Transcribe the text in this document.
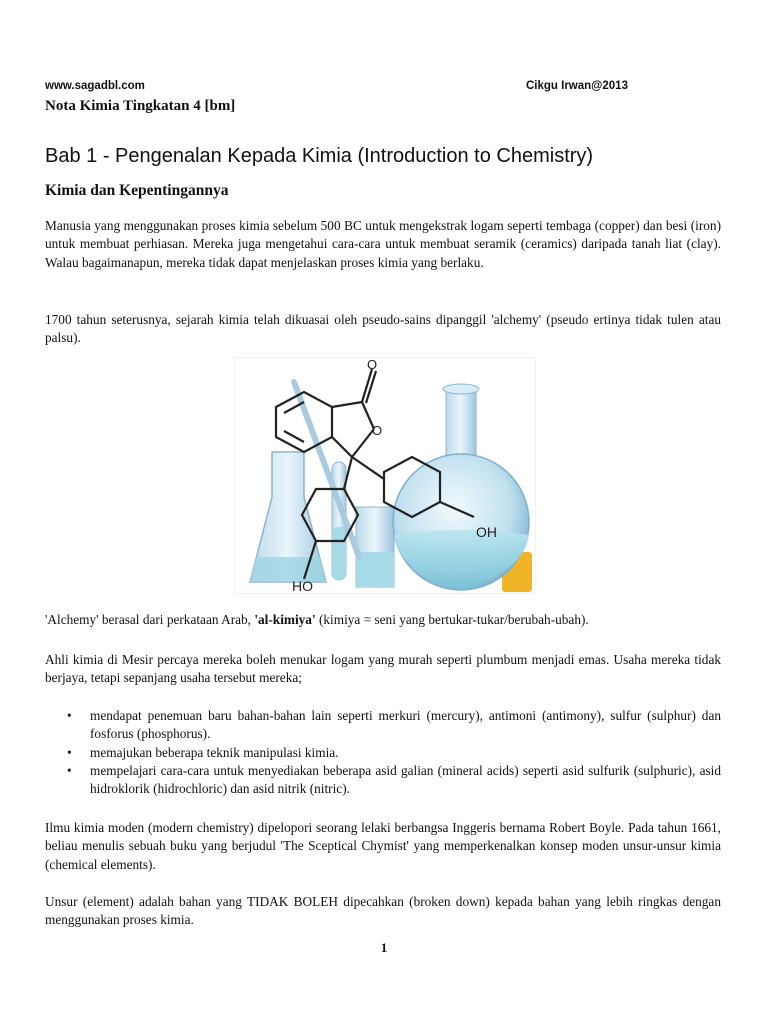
www.sagadbl.com	Cikgu Irwan@2013
Nota Kimia Tingkatan 4 [bm]
Bab 1 - Pengenalan Kepada Kimia (Introduction to Chemistry)
Kimia dan Kepentingannya

Manusia yang menggunakan proses kimia sebelum 500 BC untuk mengekstrak logam seperti tembaga (copper) dan besi (iron) untuk membuat perhiasan. Mereka juga mengetahui cara-cara untuk membuat seramik (ceramics) daripada tanah liat (clay). Walau bagaimanapun, mereka tidak dapat menjelaskan proses kimia yang berlaku.

1700 tahun seterusnya, sejarah kimia telah dikuasai oleh pseudo-sains dipanggil 'alchemy' (pseudo ertinya tidak tulen atau palsu).

O
O
OH
HO

'Alchemy' berasal dari perkataan Arab, 'al-kimiya' (kimiya = seni yang bertukar-tukar/berubah-ubah).

Ahli kimia di Mesir percaya mereka boleh menukar logam yang murah seperti plumbum menjadi emas. Usaha mereka tidak berjaya, tetapi sepanjang usaha tersebut mereka;

• mendapat penemuan baru bahan-bahan lain seperti merkuri (mercury), antimoni (antimony), sulfur (sulphur) dan fosforus (phosphorus).
• memajukan beberapa teknik manipulasi kimia.
• mempelajari cara-cara untuk menyediakan beberapa asid galian (mineral acids) seperti asid sulfurik (sulphuric), asid hidroklorik (hidrochloric) dan asid nitrik (nitric).

Ilmu kimia moden (modern chemistry) dipelopori seorang lelaki berbangsa Inggeris bernama Robert Boyle. Pada tahun 1661, beliau menulis sebuah buku yang berjudul 'The Sceptical Chymist' yang memperkenalkan konsep moden unsur-unsur kimia (chemical elements).

Unsur (element) adalah bahan yang TIDAK BOLEH dipecahkan (broken down) kepada bahan yang lebih ringkas dengan menggunakan proses kimia.

1
